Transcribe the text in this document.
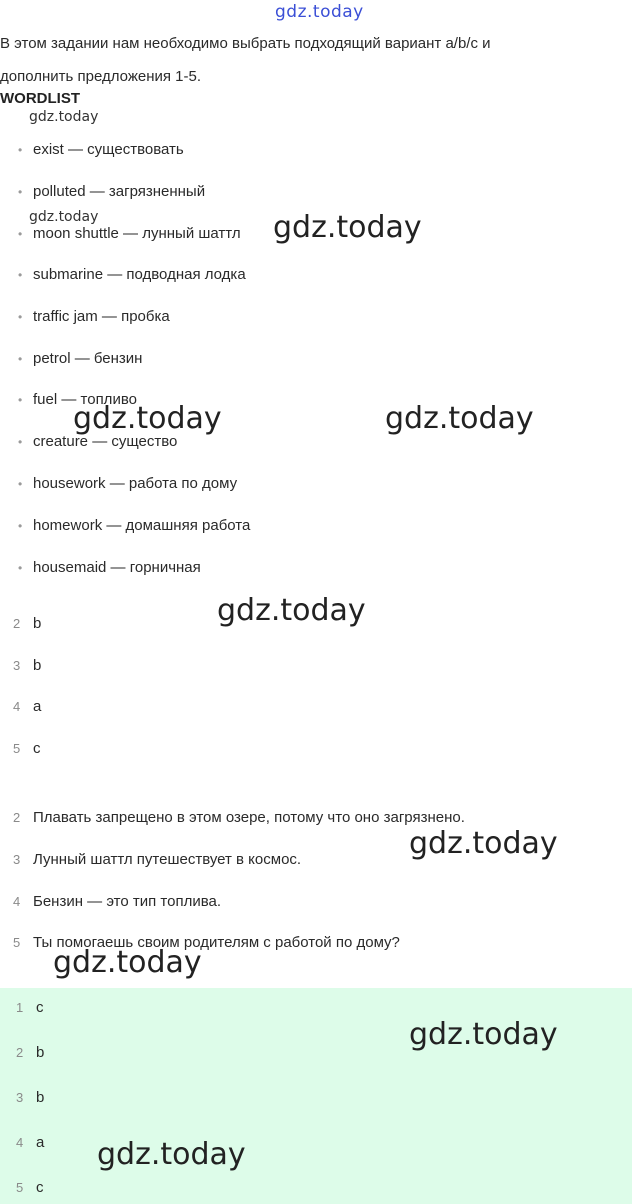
gdz.today
В этом задании нам необходимо выбрать подходящий вариант a/b/c и
дополнить предложения 1-5.
WORDLIST
gdz.today
• exist — существовать
• polluted — загрязненный
• moon shuttle — лунный шаттл
• submarine — подводная лодка
• traffic jam — пробка
• petrol — бензин
• fuel — топливо
• creature — существо
• housework — работа по дому
• homework — домашняя работа
• housemaid — горничная
gdz.today	gdz.today
gdz.today	gdz.today
2 b
3 b
4 a
5 c
gdz.today
2 Плавать запрещено в этом озере, потому что оно загрязнено.
3 Лунный шаттл путешествует в космос.
4 Бензин — это тип топлива.
5 Ты помогаешь своим родителям с работой по дому?
gdz.today
gdz.today
1 c
2 b
3 b
4 a
5 c
gdz.today
gdz.today
